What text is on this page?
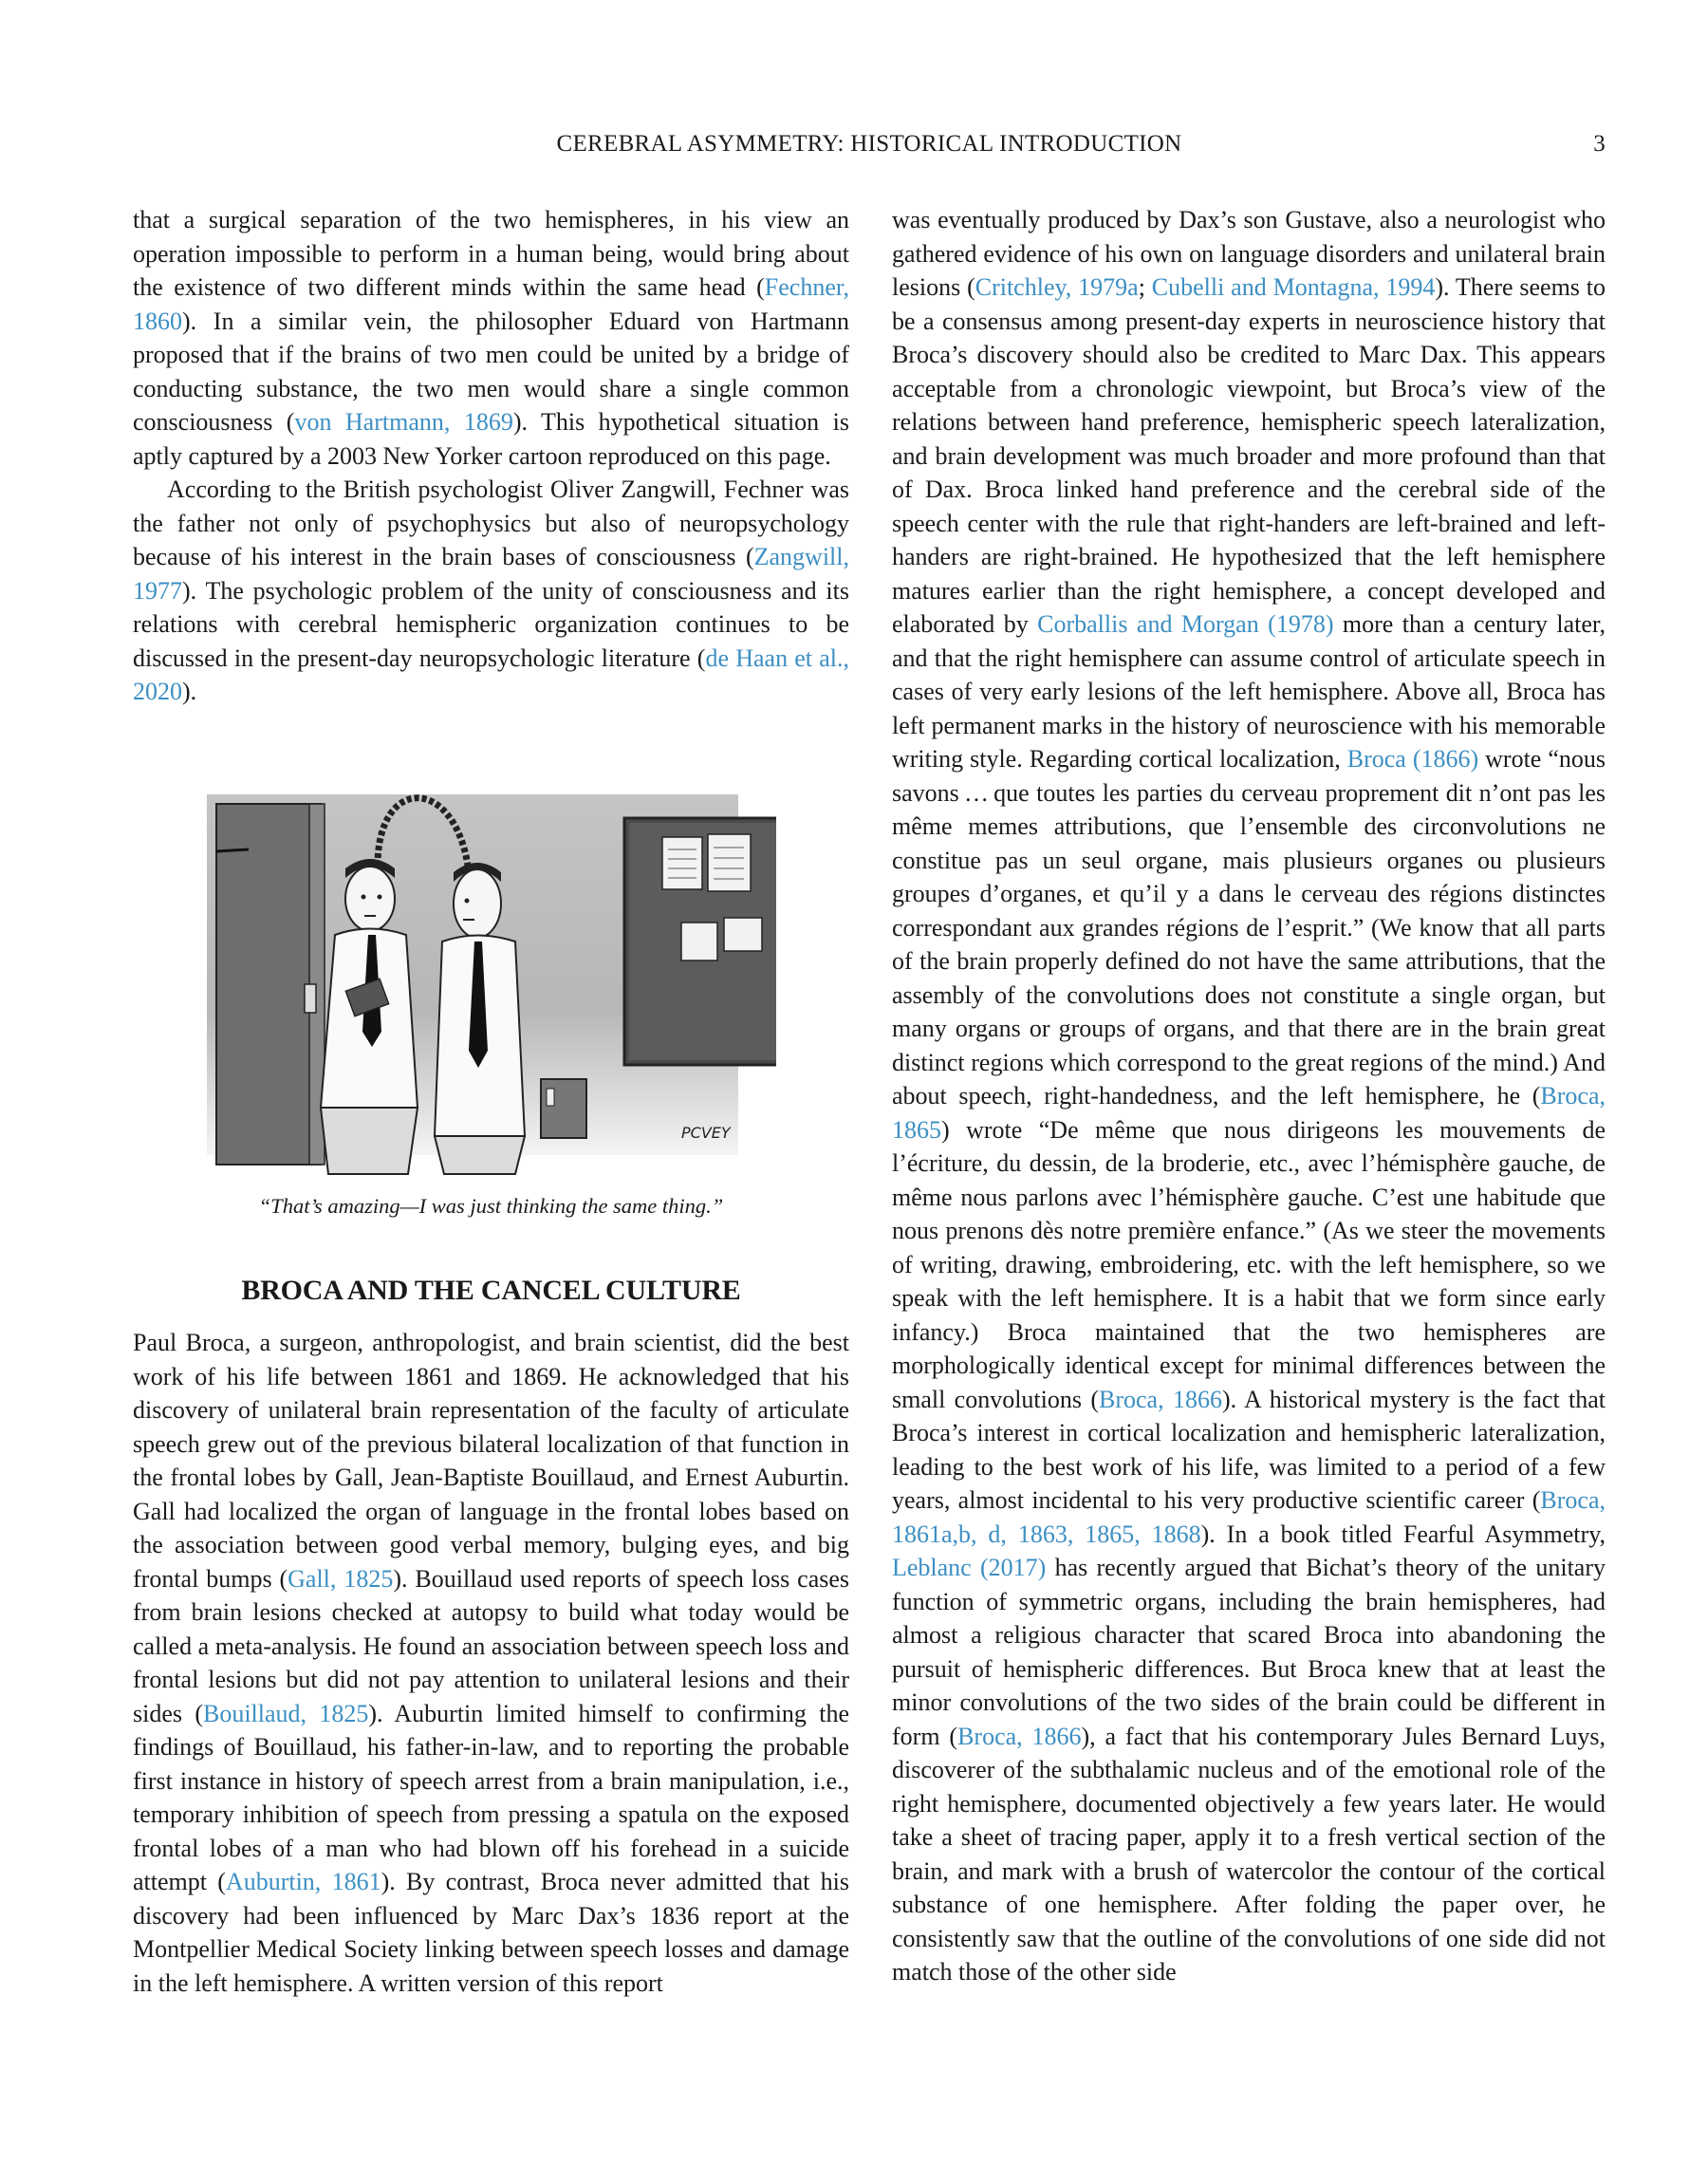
CEREBRAL ASYMMETRY: HISTORICAL INTRODUCTION	3

that a surgical separation of the two hemispheres, in his view an operation impossible to perform in a human being, would bring about the existence of two different minds within the same head (Fechner, 1860). In a similar vein, the philosopher Eduard von Hartmann proposed that if the brains of two men could be united by a bridge of conducting substance, the two men would share a single common consciousness (von Hartmann, 1869). This hypothetical situation is aptly captured by a 2003 New Yorker cartoon reproduced on this page.

According to the British psychologist Oliver Zangwill, Fechner was the father not only of psychophysics but also of neuropsychology because of his interest in the brain bases of consciousness (Zangwill, 1977). The psychologic problem of the unity of consciousness and its relations with cerebral hemispheric organization continues to be discussed in the present-day neuropsychologic literature (de Haan et al., 2020).

PCVEY
“That’s amazing—I was just thinking the same thing.”
BROCA AND THE CANCEL CULTURE

Paul Broca, a surgeon, anthropologist, and brain scientist, did the best work of his life between 1861 and 1869. He acknowledged that his discovery of unilateral brain representation of the faculty of articulate speech grew out of the previous bilateral localization of that function in the frontal lobes by Gall, Jean-Baptiste Bouillaud, and Ernest Auburtin. Gall had localized the organ of language in the frontal lobes based on the association between good verbal memory, bulging eyes, and big frontal bumps (Gall, 1825). Bouillaud used reports of speech loss cases from brain lesions checked at autopsy to build what today would be called a meta-analysis. He found an association between speech loss and frontal lesions but did not pay attention to unilateral lesions and their sides (Bouillaud, 1825). Auburtin limited himself to confirming the findings of Bouillaud, his father-in-law, and to reporting the probable first instance in history of speech arrest from a brain manipulation, i.e., temporary inhibition of speech from pressing a spatula on the exposed frontal lobes of a man who had blown off his forehead in a suicide attempt (Auburtin, 1861). By contrast, Broca never admitted that his discovery had been influenced by Marc Dax’s 1836 report at the Montpellier Medical Society linking between speech losses and damage in the left hemisphere. A written version of this report

was eventually produced by Dax’s son Gustave, also a neurologist who gathered evidence of his own on language disorders and unilateral brain lesions (Critchley, 1979a; Cubelli and Montagna, 1994). There seems to be a consensus among present-day experts in neuroscience history that Broca’s discovery should also be credited to Marc Dax. This appears acceptable from a chronologic viewpoint, but Broca’s view of the relations between hand preference, hemispheric speech lateralization, and brain development was much broader and more profound than that of Dax. Broca linked hand preference and the cerebral side of the speech center with the rule that right-handers are left-brained and left-handers are right-brained. He hypothesized that the left hemisphere matures earlier than the right hemisphere, a concept developed and elaborated by Corballis and Morgan (1978) more than a century later, and that the right hemisphere can assume control of articulate speech in cases of very early lesions of the left hemisphere. Above all, Broca has left permanent marks in the history of neuroscience with his memorable writing style. Regarding cortical localization, Broca (1866) wrote “nous savons … que toutes les parties du cerveau proprement dit n’ont pas les même memes attributions, que l’ensemble des circonvolutions ne constitue pas un seul organe, mais plusieurs organes ou plusieurs groupes d’organes, et qu’il y a dans le cerveau des régions distinctes correspondant aux grandes régions de l’esprit.” (We know that all parts of the brain properly defined do not have the same attributions, that the assembly of the convolutions does not constitute a single organ, but many organs or groups of organs, and that there are in the brain great distinct regions which correspond to the great regions of the mind.) And about speech, right-handedness, and the left hemisphere, he (Broca, 1865) wrote “De même que nous dirigeons les mouvements de l’écriture, du dessin, de la broderie, etc., avec l’hémisphère gauche, de même nous parlons avec l’hémisphère gauche. C’est une habitude que nous prenons dès notre première enfance.” (As we steer the movements of writing, drawing, embroidering, etc. with the left hemisphere, so we speak with the left hemisphere. It is a habit that we form since early infancy.) Broca maintained that the two hemispheres are morphologically identical except for minimal differences between the small convolutions (Broca, 1866). A historical mystery is the fact that Broca’s interest in cortical localization and hemispheric lateralization, leading to the best work of his life, was limited to a period of a few years, almost incidental to his very productive scientific career (Broca, 1861a,b, d, 1863, 1865, 1868). In a book titled Fearful Asymmetry, Leblanc (2017) has recently argued that Bichat’s theory of the unitary function of symmetric organs, including the brain hemispheres, had almost a religious character that scared Broca into abandoning the pursuit of hemispheric differences. But Broca knew that at least the minor convolutions of the two sides of the brain could be different in form (Broca, 1866), a fact that his contemporary Jules Bernard Luys, discoverer of the subthalamic nucleus and of the emotional role of the right hemisphere, documented objectively a few years later. He would take a sheet of tracing paper, apply it to a fresh vertical section of the brain, and mark with a brush of watercolor the contour of the cortical substance of one hemisphere. After folding the paper over, he consistently saw that the outline of the convolutions of one side did not match those of the other side
